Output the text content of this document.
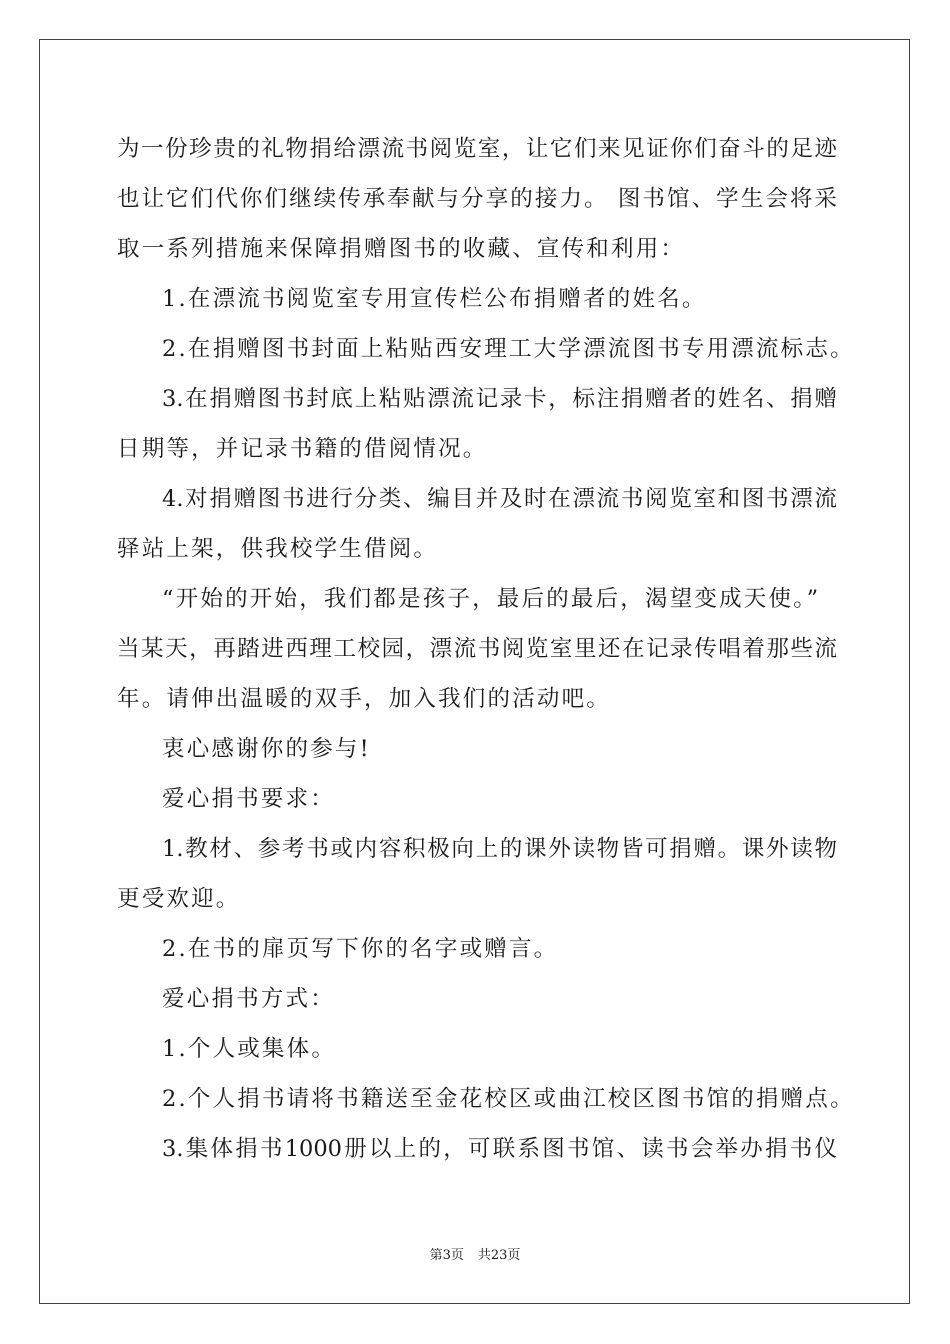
为一份珍贵的礼物捐给漂流书阅览室，让它们来见证你们奋斗的足迹
也让它们代你们继续传承奉献与分享的接力。 图书馆、学生会将采
取一系列措施来保障捐赠图书的收藏、宣传和利用：
1.在漂流书阅览室专用宣传栏公布捐赠者的姓名。
2.在捐赠图书封面上粘贴西安理工大学漂流图书专用漂流标志。
3.在捐赠图书封底上粘贴漂流记录卡，标注捐赠者的姓名、捐赠
日期等，并记录书籍的借阅情况。
4.对捐赠图书进行分类、编目并及时在漂流书阅览室和图书漂流
驿站上架，供我校学生借阅。
“开始的开始，我们都是孩子，最后的最后，渴望变成天使。”
当某天，再踏进西理工校园，漂流书阅览室里还在记录传唱着那些流
年。请伸出温暖的双手，加入我们的活动吧。
衷心感谢你的参与!
爱心捐书要求：
1.教材、参考书或内容积极向上的课外读物皆可捐赠。课外读物
更受欢迎。
2.在书的扉页写下你的名字或赠言。
爱心捐书方式：
1.个人或集体。
2.个人捐书请将书籍送至金花校区或曲江校区图书馆的捐赠点。
3.集体捐书1000册以上的，可联系图书馆、读书会举办捐书仪
第3页 共23页
